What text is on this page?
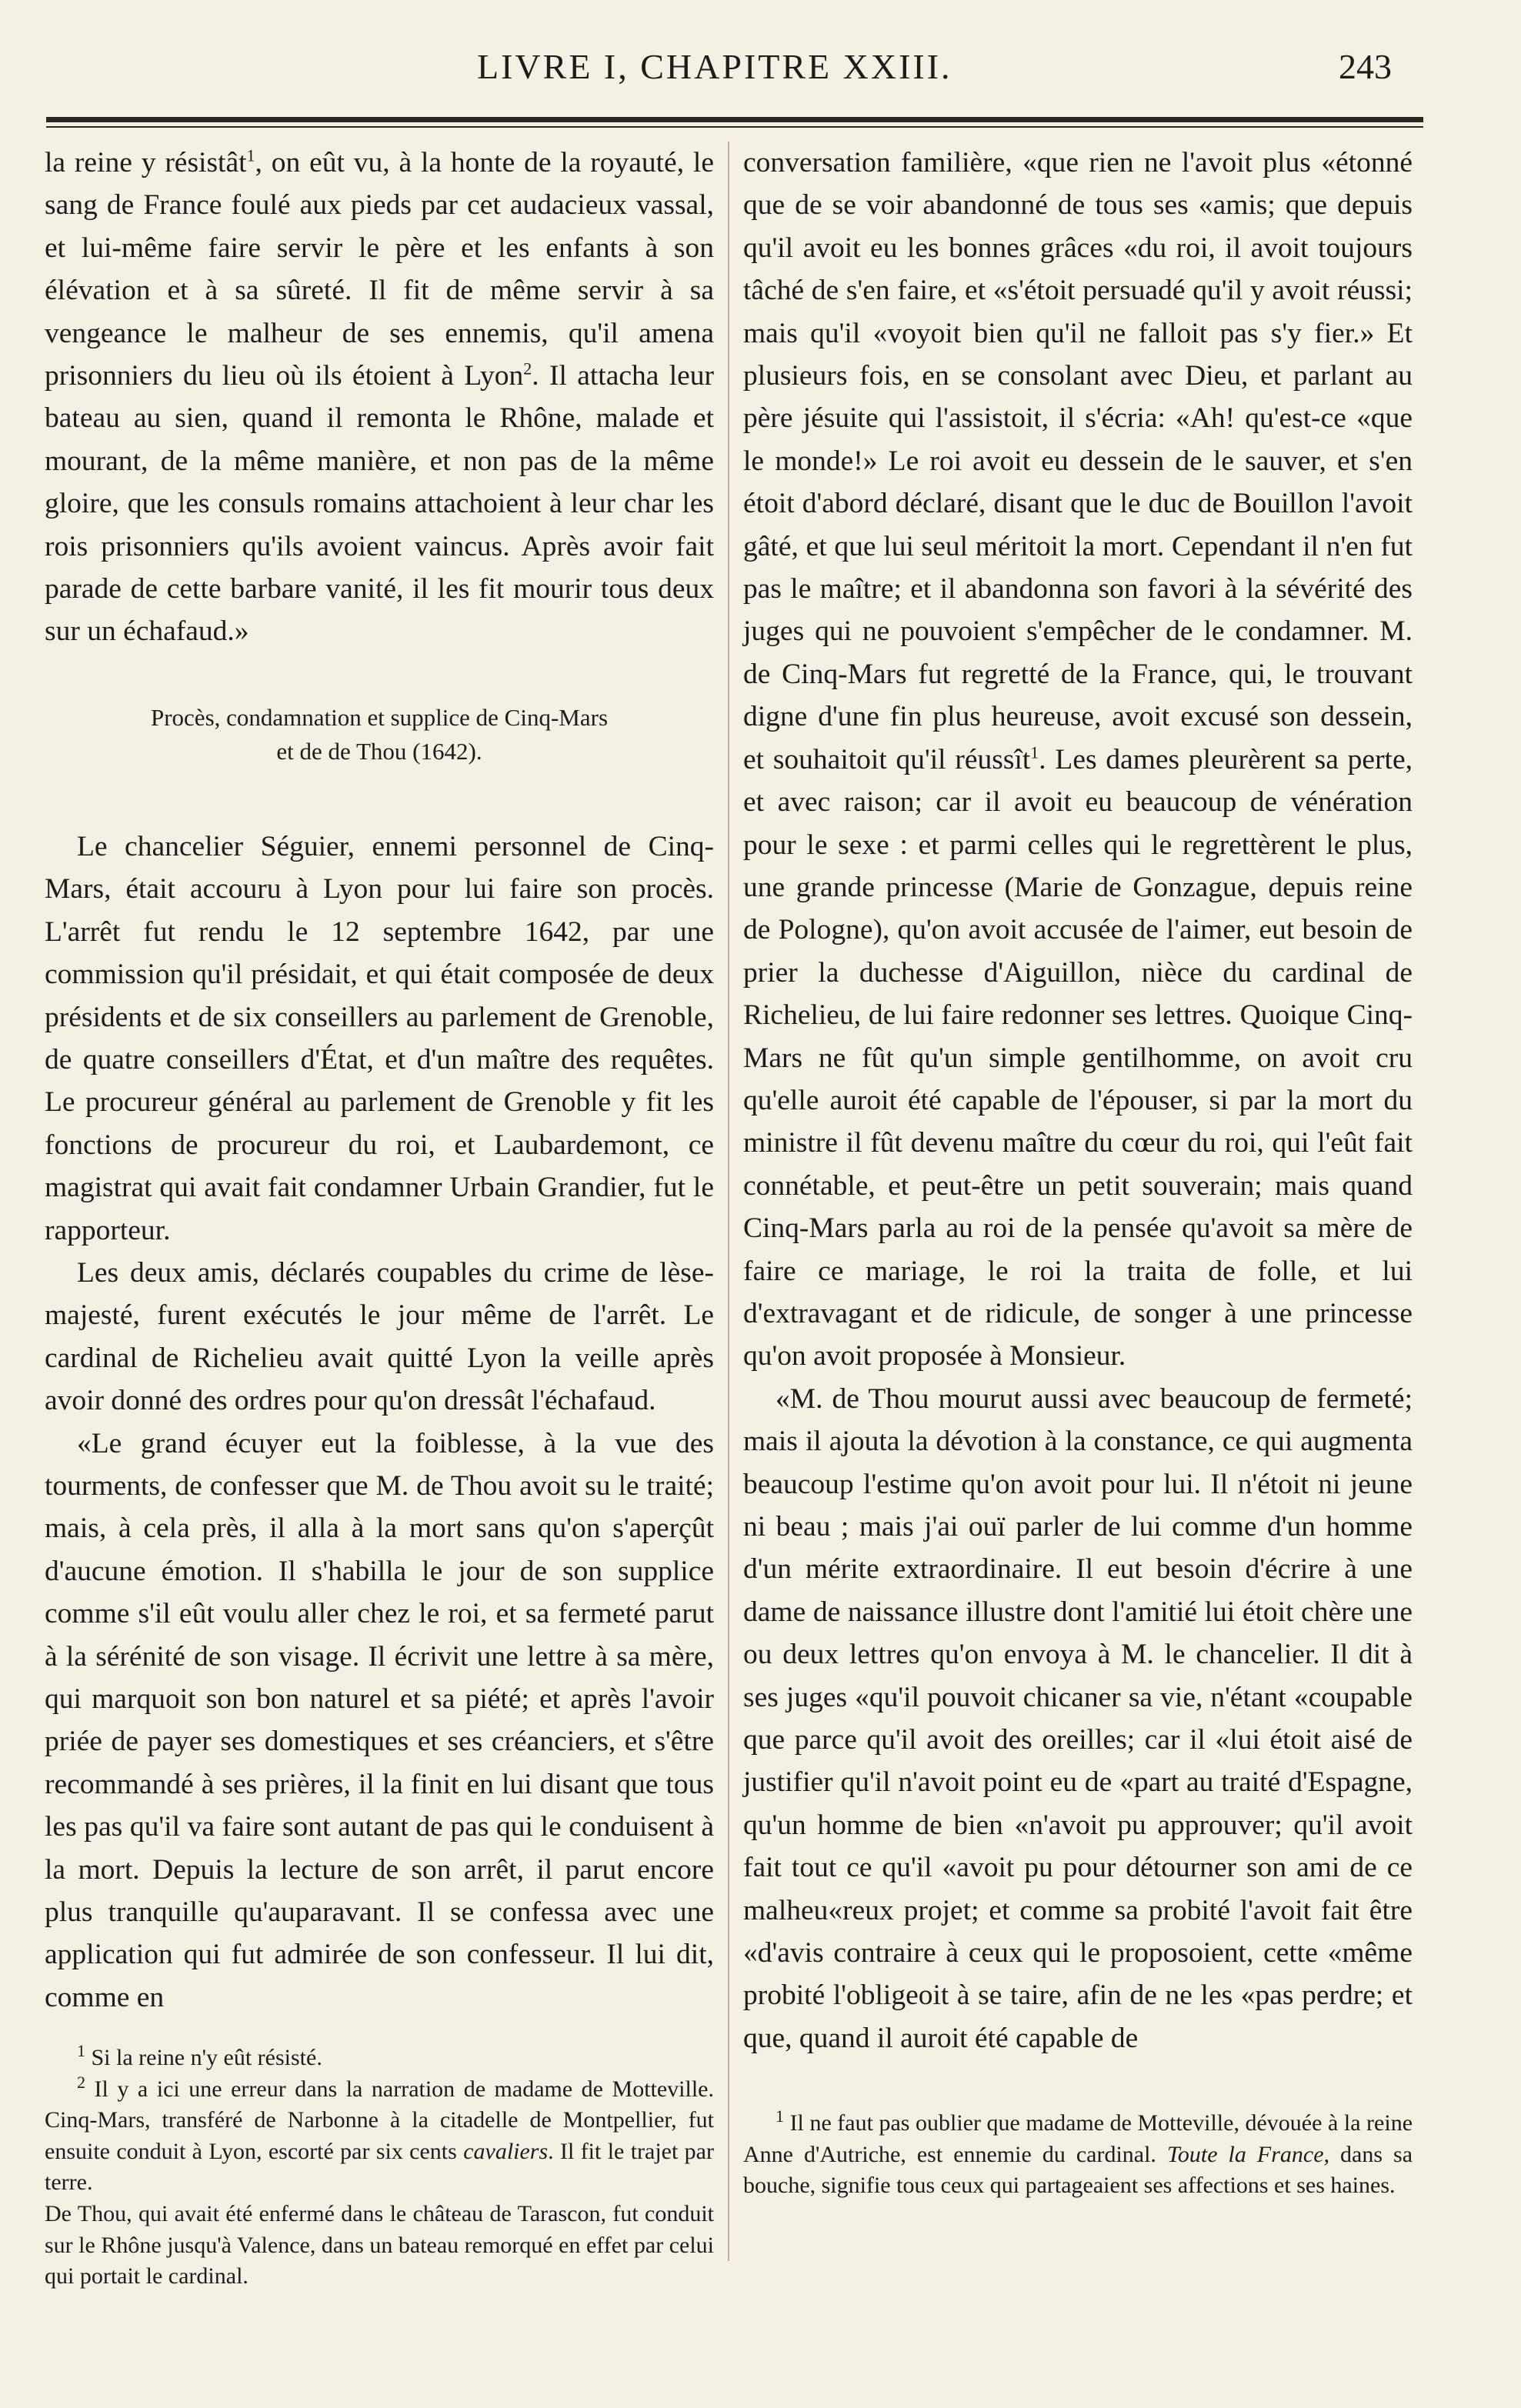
LIVRE I, CHAPITRE XXIII.	243

la reine y résistât$^1$, on eût vu, à la honte de la royauté, le sang de France foulé aux pieds par cet audacieux vassal, et lui-même faire servir le père et les enfants à son élévation et à sa sûreté. Il fit de même servir à sa vengeance le malheur de ses ennemis, qu'il amena prisonniers du lieu où ils étoient à Lyon$^2$. Il attacha leur bateau au sien, quand il remonta le Rhône, malade et mourant, de la même manière, et non pas de la même gloire, que les consuls romains attachoient à leur char les rois prisonniers qu'ils avoient vaincus. Après avoir fait parade de cette barbare vanité, il les fit mourir tous deux sur un échafaud.»

Procès, condamnation et supplice de Cinq-Mars
et de de Thou (1642).

Le chancelier Séguier, ennemi personnel de Cinq-Mars, était accouru à Lyon pour lui faire son procès. L'arrêt fut rendu le 12 septembre 1642, par une commission qu'il présidait, et qui était composée de deux présidents et de six conseillers au parlement de Grenoble, de quatre conseillers d'État, et d'un maître des requêtes. Le procureur général au parlement de Grenoble y fit les fonctions de procureur du roi, et Laubardemont, ce magistrat qui avait fait condamner Urbain Grandier, fut le rapporteur.

Les deux amis, déclarés coupables du crime de lèse-majesté, furent exécutés le jour même de l'arrêt. Le cardinal de Richelieu avait quitté Lyon la veille après avoir donné des ordres pour qu'on dressât l'échafaud.

«Le grand écuyer eut la foiblesse, à la vue des tourments, de confesser que M. de Thou avoit su le traité; mais, à cela près, il alla à la mort sans qu'on s'aperçût d'aucune émotion. Il s'habilla le jour de son supplice comme s'il eût voulu aller chez le roi, et sa fermeté parut à la sérénité de son visage. Il écrivit une lettre à sa mère, qui marquoit son bon naturel et sa piété; et après l'avoir priée de payer ses domestiques et ses créanciers, et s'être recommandé à ses prières, il la finit en lui disant que tous les pas qu'il va faire sont autant de pas qui le conduisent à la mort. Depuis la lecture de son arrêt, il parut encore plus tranquille qu'auparavant. Il se confessa avec une application qui fut admirée de son confesseur. Il lui dit, comme en

$^1$ Si la reine n'y eût résisté.

$^2$ Il y a ici une erreur dans la narration de madame de Motteville. Cinq-Mars, transféré de Narbonne à la citadelle de Montpellier, fut ensuite conduit à Lyon, escorté par six cents cavaliers. Il fit le trajet par terre.

De Thou, qui avait été enfermé dans le château de Tarascon, fut conduit sur le Rhône jusqu'à Valence, dans un bateau remorqué en effet par celui qui portait le cardinal.

conversation familière, «que rien ne l'avoit plus «étonné que de se voir abandonné de tous ses «amis; que depuis qu'il avoit eu les bonnes grâces «du roi, il avoit toujours tâché de s'en faire, et «s'étoit persuadé qu'il y avoit réussi; mais qu'il «voyoit bien qu'il ne falloit pas s'y fier.» Et plusieurs fois, en se consolant avec Dieu, et parlant au père jésuite qui l'assistoit, il s'écria: «Ah! qu'est-ce «que le monde!» Le roi avoit eu dessein de le sauver, et s'en étoit d'abord déclaré, disant que le duc de Bouillon l'avoit gâté, et que lui seul méritoit la mort. Cependant il n'en fut pas le maître; et il abandonna son favori à la sévérité des juges qui ne pouvoient s'empêcher de le condamner. M. de Cinq-Mars fut regretté de la France, qui, le trouvant digne d'une fin plus heureuse, avoit excusé son dessein, et souhaitoit qu'il réussît$^1$. Les dames pleurèrent sa perte, et avec raison; car il avoit eu beaucoup de vénération pour le sexe : et parmi celles qui le regrettèrent le plus, une grande princesse (Marie de Gonzague, depuis reine de Pologne), qu'on avoit accusée de l'aimer, eut besoin de prier la duchesse d'Aiguillon, nièce du cardinal de Richelieu, de lui faire redonner ses lettres. Quoique Cinq-Mars ne fût qu'un simple gentilhomme, on avoit cru qu'elle auroit été capable de l'épouser, si par la mort du ministre il fût devenu maître du cœur du roi, qui l'eût fait connétable, et peut-être un petit souverain; mais quand Cinq-Mars parla au roi de la pensée qu'avoit sa mère de faire ce mariage, le roi la traita de folle, et lui d'extravagant et de ridicule, de songer à une princesse qu'on avoit proposée à Monsieur.

«M. de Thou mourut aussi avec beaucoup de fermeté; mais il ajouta la dévotion à la constance, ce qui augmenta beaucoup l'estime qu'on avoit pour lui. Il n'étoit ni jeune ni beau ; mais j'ai ouï parler de lui comme d'un homme d'un mérite extraordinaire. Il eut besoin d'écrire à une dame de naissance illustre dont l'amitié lui étoit chère une ou deux lettres qu'on envoya à M. le chancelier. Il dit à ses juges «qu'il pouvoit chicaner sa vie, n'étant «coupable que parce qu'il avoit des oreilles; car il «lui étoit aisé de justifier qu'il n'avoit point eu de «part au traité d'Espagne, qu'un homme de bien «n'avoit pu approuver; qu'il avoit fait tout ce qu'il «avoit pu pour détourner son ami de ce malheu«reux projet; et comme sa probité l'avoit fait être «d'avis contraire à ceux qui le proposoient, cette «même probité l'obligeoit à se taire, afin de ne les «pas perdre; et que, quand il auroit été capable de

$^1$ Il ne faut pas oublier que madame de Motteville, dévouée à la reine Anne d'Autriche, est ennemie du cardinal. Toute la France, dans sa bouche, signifie tous ceux qui partageaient ses affections et ses haines.
